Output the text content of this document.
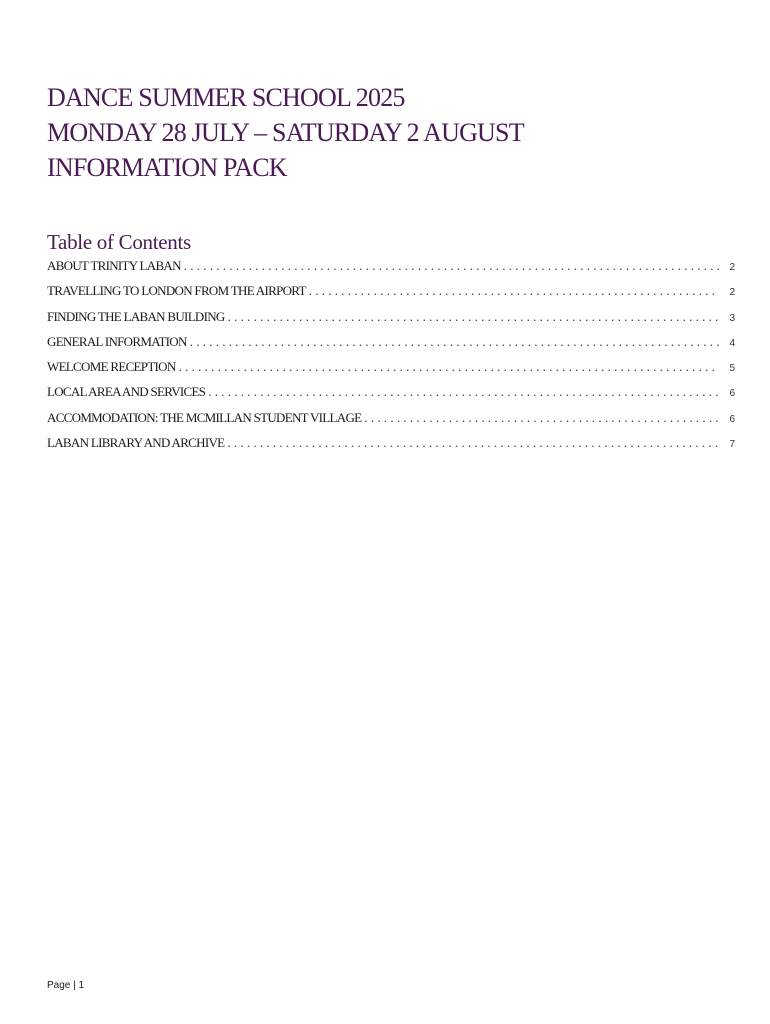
DANCE SUMMER SCHOOL 2025
MONDAY 28 JULY – SATURDAY 2 AUGUST
INFORMATION PACK
Table of Contents
ABOUT TRINITY LABAN . . .	2
TRAVELLING TO LONDON FROM THE AIRPORT . . .	2
FINDING THE LABAN BUILDING . . .	3
GENERAL INFORMATION . . .	4
WELCOME RECEPTION . . .	5
LOCAL AREA AND SERVICES . . .	6
ACCOMMODATION: THE MCMILLAN STUDENT VILLAGE . . .	6
LABAN LIBRARY AND ARCHIVE . . .	7
Page | 1
